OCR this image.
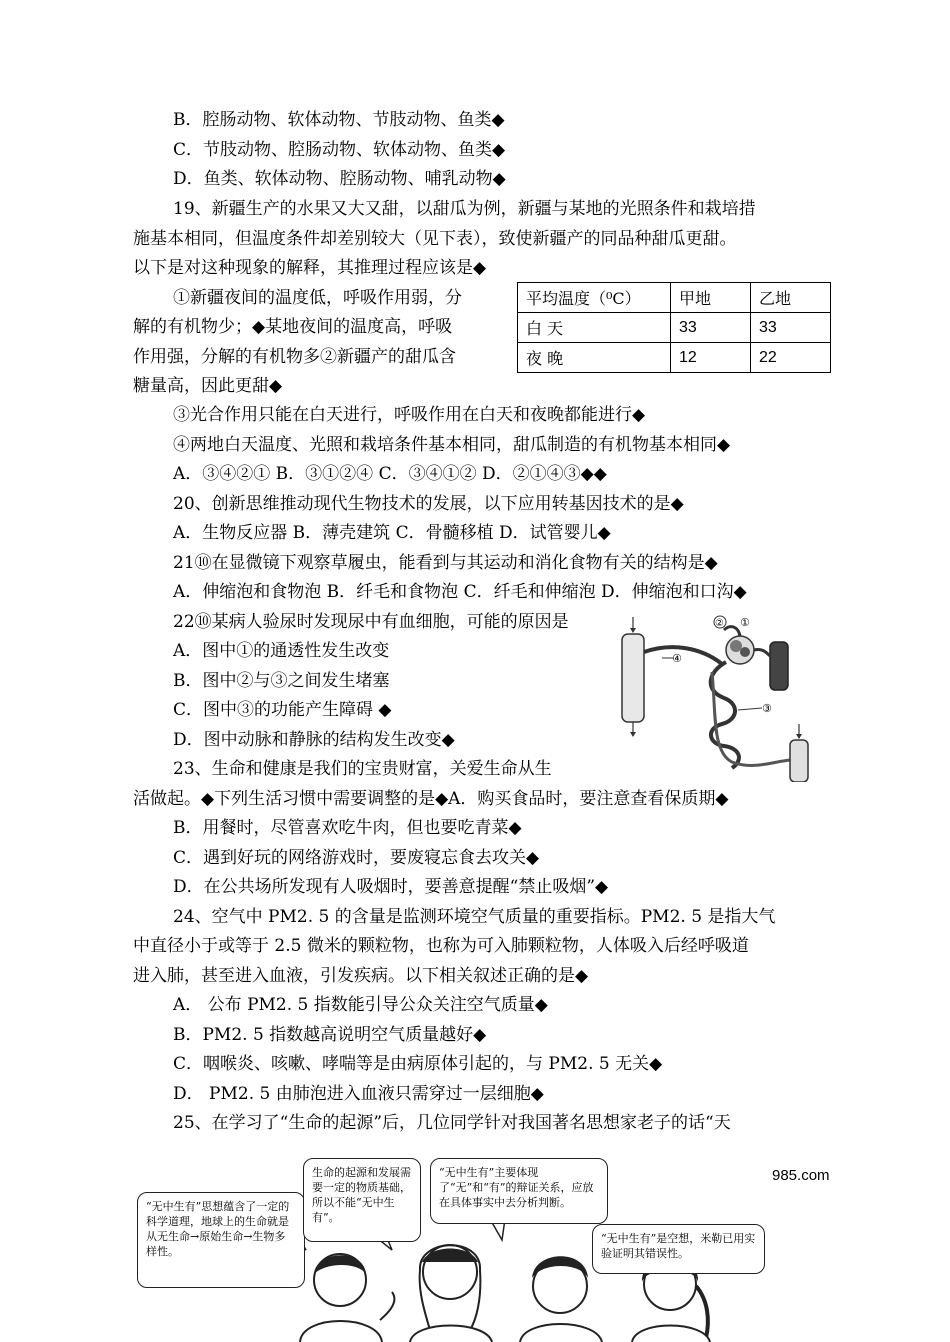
B．腔肠动物、软体动物、节肢动物、鱼类◆
C．节肢动物、腔肠动物、软体动物、鱼类◆
D．鱼类、软体动物、腔肠动物、哺乳动物◆
19、新疆生产的水果又大又甜，以甜瓜为例，新疆与某地的光照条件和栽培措
施基本相同，但温度条件却差别较大（见下表），致使新疆产的同品种甜瓜更甜。
以下是对这种现象的解释，其推理过程应该是◆
①新疆夜间的温度低，呼吸作用弱，分
解的有机物少；◆某地夜间的温度高，呼吸
作用强，分解的有机物多②新疆产的甜瓜含
糖量高，因此更甜◆
平均温度（⁰C）	甲地	乙地
白 天	33	33
夜 晚	12	22
③光合作用只能在白天进行，呼吸作用在白天和夜晚都能进行◆
④两地白天温度、光照和栽培条件基本相同，甜瓜制造的有机物基本相同◆
A．③④②① B．③①②④ C．③④①② D．②①④③◆◆
20、创新思维推动现代生物技术的发展，以下应用转基因技术的是◆
A．生物反应器 B．薄壳建筑 C．骨髓移植 D．试管婴儿◆
21⑩在显微镜下观察草履虫，能看到与其运动和消化食物有关的结构是◆
A．伸缩泡和食物泡 B．纤毛和食物泡 C．纤毛和伸缩泡 D．伸缩泡和口沟◆
22⑩某病人验尿时发现尿中有血细胞，可能的原因是
A．图中①的通透性发生改变
B．图中②与③之间发生堵塞
C．图中③的功能产生障碍 ◆
D．图中动脉和静脉的结构发生改变◆
② ①
④
③
23、生命和健康是我们的宝贵财富，关爱生命从生
活做起。◆下列生活习惯中需要调整的是◆A．购买食品时，要注意查看保质期◆
B．用餐时，尽管喜欢吃牛肉，但也要吃青菜◆
C．遇到好玩的网络游戏时，要废寝忘食去攻关◆
D．在公共场所发现有人吸烟时，要善意提醒“禁止吸烟”◆
24、空气中 PM2. 5 的含量是监测环境空气质量的重要指标。PM2. 5 是指大气
中直径小于或等于 2.5 微米的颗粒物，也称为可入肺颗粒物，人体吸入后经呼吸道
进入肺，甚至进入血液，引发疾病。以下相关叙述正确的是◆
A． 公布 PM2. 5 指数能引导公众关注空气质量◆
B．PM2. 5 指数越高说明空气质量越好◆
C．咽喉炎、咳嗽、哮喘等是由病原体引起的，与 PM2. 5 无关◆
D． PM2. 5 由肺泡进入血液只需穿过一层细胞◆
25、在学习了“生命的起源”后，几位同学针对我国著名思想家老子的话“天
“无中生有”思想蕴含了一定的科学道理，地球上的生命就是从无生命→原始生命→生物多样性。
生命的起源和发展需要一定的物质基础，所以不能“无中生有”。
“无中生有”主要体现了“无”和“有”的辩证关系，应放在具体事实中去分析判断。
“无中生有”是空想，米勒已用实验证明其错误性。
985.com
